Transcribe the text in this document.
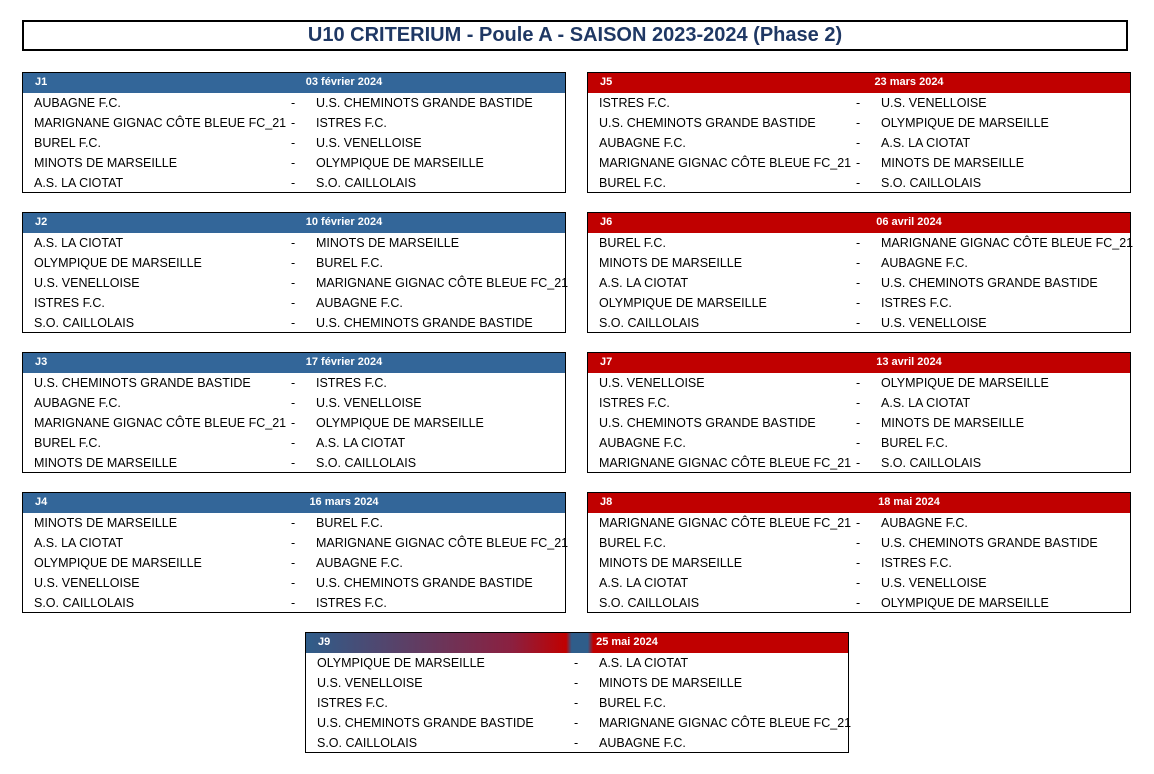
U10 CRITERIUM - Poule A - SAISON 2023-2024 (Phase 2)
J1	03 février 2024
AUBAGNE F.C.	- U.S. CHEMINOTS GRANDE BASTIDE
MARIGNANE GIGNAC CÔTE BLEUE FC_21 - ISTRES F.C.
BUREL F.C.	- U.S. VENELLOISE
MINOTS DE MARSEILLE	- OLYMPIQUE DE MARSEILLE
A.S. LA CIOTAT	- S.O. CAILLOLAIS
J2	10 février 2024
A.S. LA CIOTAT	- MINOTS DE MARSEILLE
OLYMPIQUE DE MARSEILLE	- BUREL F.C.
U.S. VENELLOISE	- MARIGNANE GIGNAC CÔTE BLEUE FC_21
ISTRES F.C.	- AUBAGNE F.C.
S.O. CAILLOLAIS	- U.S. CHEMINOTS GRANDE BASTIDE
J3	17 février 2024
U.S. CHEMINOTS GRANDE BASTIDE	- ISTRES F.C.
AUBAGNE F.C.	- U.S. VENELLOISE
MARIGNANE GIGNAC CÔTE BLEUE FC_21 - OLYMPIQUE DE MARSEILLE
BUREL F.C.	- A.S. LA CIOTAT
MINOTS DE MARSEILLE	- S.O. CAILLOLAIS
J4	16 mars 2024
MINOTS DE MARSEILLE	- BUREL F.C.
A.S. LA CIOTAT	- MARIGNANE GIGNAC CÔTE BLEUE FC_21
OLYMPIQUE DE MARSEILLE	- AUBAGNE F.C.
U.S. VENELLOISE	- U.S. CHEMINOTS GRANDE BASTIDE
S.O. CAILLOLAIS	- ISTRES F.C.
J5	23 mars 2024
ISTRES F.C.	- U.S. VENELLOISE
U.S. CHEMINOTS GRANDE BASTIDE	- OLYMPIQUE DE MARSEILLE
AUBAGNE F.C.	- A.S. LA CIOTAT
MARIGNANE GIGNAC CÔTE BLEUE FC_21 - MINOTS DE MARSEILLE
BUREL F.C.	- S.O. CAILLOLAIS
J6	06 avril 2024
BUREL F.C.	- MARIGNANE GIGNAC CÔTE BLEUE FC_21
MINOTS DE MARSEILLE	- AUBAGNE F.C.
A.S. LA CIOTAT	- U.S. CHEMINOTS GRANDE BASTIDE
OLYMPIQUE DE MARSEILLE	- ISTRES F.C.
S.O. CAILLOLAIS	- U.S. VENELLOISE
J7	13 avril 2024
U.S. VENELLOISE	- OLYMPIQUE DE MARSEILLE
ISTRES F.C.	- A.S. LA CIOTAT
U.S. CHEMINOTS GRANDE BASTIDE	- MINOTS DE MARSEILLE
AUBAGNE F.C.	- BUREL F.C.
MARIGNANE GIGNAC CÔTE BLEUE FC_21 - S.O. CAILLOLAIS
J8	18 mai 2024
MARIGNANE GIGNAC CÔTE BLEUE FC_21 - AUBAGNE F.C.
BUREL F.C.	- U.S. CHEMINOTS GRANDE BASTIDE
MINOTS DE MARSEILLE	- ISTRES F.C.
A.S. LA CIOTAT	- U.S. VENELLOISE
S.O. CAILLOLAIS	- OLYMPIQUE DE MARSEILLE
J9	25 mai 2024
OLYMPIQUE DE MARSEILLE	- A.S. LA CIOTAT
U.S. VENELLOISE	- MINOTS DE MARSEILLE
ISTRES F.C.	- BUREL F.C.
U.S. CHEMINOTS GRANDE BASTIDE	- MARIGNANE GIGNAC CÔTE BLEUE FC_21
S.O. CAILLOLAIS	- AUBAGNE F.C.
